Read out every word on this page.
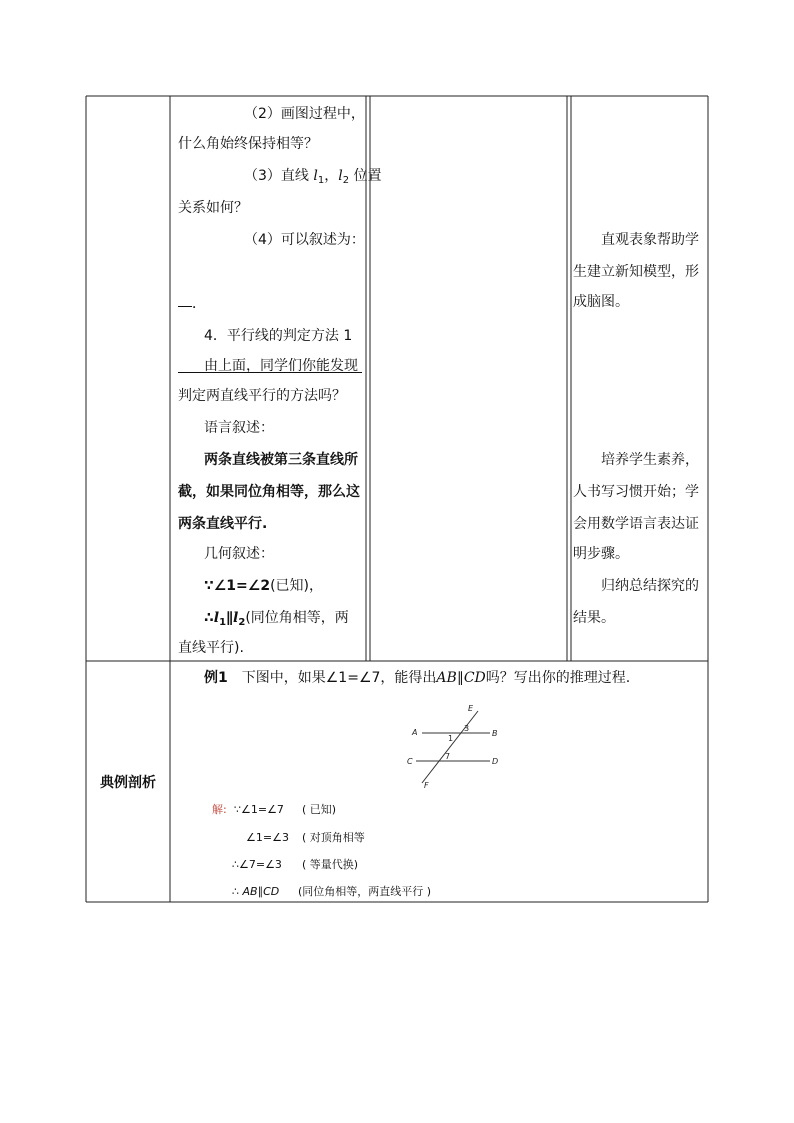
（2）画图过程中，
什么角始终保持相等？
（3）直线 $l_1$，$l_2$ 位置
关系如何？
（4）可以叙述为：
．
4．平行线的判定方法 1
由上面，同学们你能发现
判定两直线平行的方法吗？
语言叙述：
两条直线被第三条直线所
截，如果同位角相等，那么这
两条直线平行.
几何叙述：
∵∠1=∠2(已知)，
$\therefore l_1\parallel l_2$(同位角相等，两
直线平行).
直观表象帮助学
生建立新知模型，形
成脑图。
培养学生素养，
人书写习惯开始；学
会用数学语言表达证
明步骤。
归纳总结探究的
结果。
典例剖析
例1 下图中，如果∠1=∠7，能得出AB∥CD吗？写出你的推理过程.
E
A	B
C	D
F
1
3
7
解: ∵∠1=∠7 ( 已知)
∠1=∠3 ( 对顶角相等
∴∠7=∠3 ( 等量代换)
∴ AB∥CD (同位角相等，两直线平行 )
